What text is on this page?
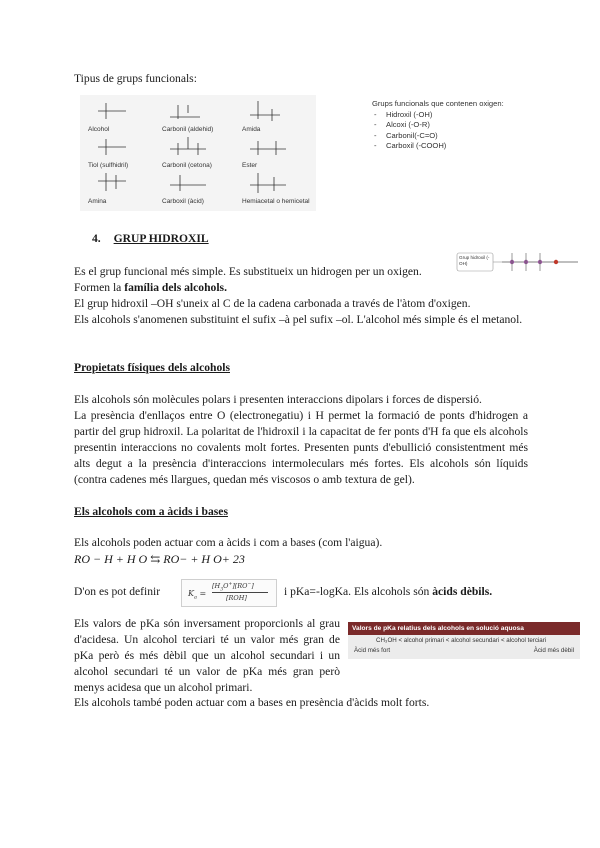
Tipus de grups funcionals:
Alcohol	Carbonil (aldehid)	Amida
Tiol (sulfhidril)	Carbonil (cetona)	Ester
Amina	Carboxil (àcid)	Hemiacetal o hemicetal
Grups funcionals que contenen oxigen:
- Hidroxil (-OH)
- Alcoxi (-O-R)
- Carbonil(-C=O)
- Carboxil (-COOH)
4. GRUP HIDROXIL
Grup hidroxil (-OH)
Es el grup funcional més simple. Es substitueix un hidrogen per un oxigen.
Formen la família dels alcohols.
El grup hidroxil –OH s'uneix al C de la cadena carbonada a través de l'àtom d'oxigen.
Els alcohols s'anomenen substituint el sufix –à pel sufix –ol. L'alcohol més simple és el metanol.
Propietats físiques dels alcohols
Els alcohols són molècules polars i presenten interaccions dipolars i forces de dispersió.
La presència d'enllaços entre O (electronegatiu) i H permet la formació de ponts d'hidrogen a partir del grup hidroxil. La polaritat de l'hidroxil i la capacitat de fer ponts d'H fa que els alcohols presentin interaccions no covalents molt fortes. Presenten punts d'ebullició consistentment més alts degut a la presència d'interaccions intermoleculars més fortes. Els alcohols són líquids (contra cadenes més llargues, quedan més viscosos o amb textura de gel).
Els alcohols com a àcids i bases
Els alcohols poden actuar com a àcids i com a bases (com l'aigua).
RO − H + H O ⇆ RO− + H O+ 23
D'on es pot definir	$K_a$ =
$[H_3O^+][RO^-]$
[ROH]	i pKa=-logKa. Els alcohols són àcids dèbils.
Els valors de pKa són inversament proporcionls al grau d'acidesa. Un alcohol terciari té un valor més gran de pKa però és més dèbil que un alcohol secundari i un alcohol secundari té un valor de pKa més gran però menys acidesa que un alcohol primari.
Valors de pKa relatius dels alcohols en solució aquosa
CH₃OH < alcohol primari < alcohol secundari < alcohol terciari
Àcid més fort	Àcid més dèbil
Els alcohols també poden actuar com a bases en presència d'àcids molt forts.
